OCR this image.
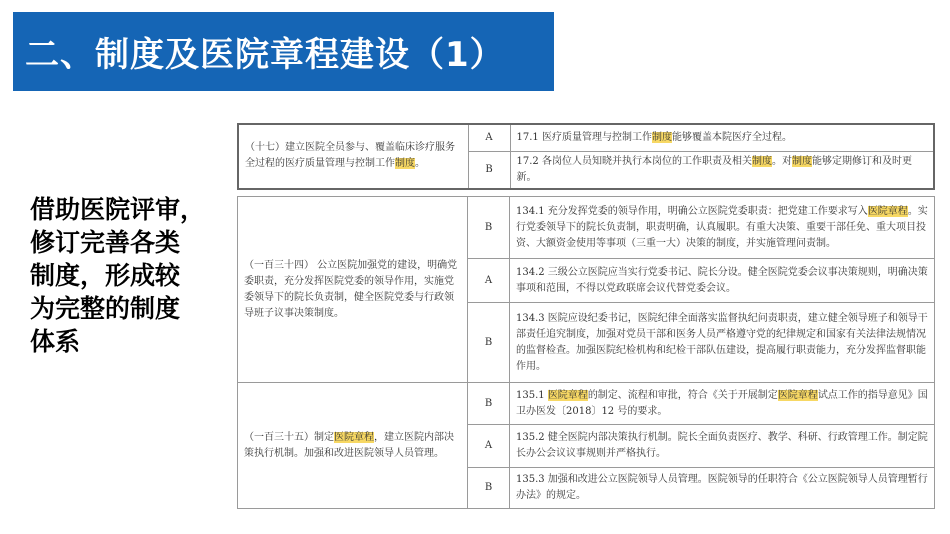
二、制度及医院章程建设（1）
借助医院评审，
修订完善各类
制度，形成较
为完整的制度
体系
（十七）建立医院全员参与、覆盖临床诊疗服务全过程的医疗质量管理与控制工作制度。	A	17.1 医疗质量管理与控制工作制度能够覆盖本院医疗全过程。
	B	17.2 各岗位人员知晓并执行本岗位的工作职责及相关制度。对制度能够定期修订和及时更新。
（一百三十四） 公立医院加强党的建设，明确党委职责，充分发挥医院党委的领导作用，实施党委领导下的院长负责制，健全医院党委与行政领导班子议事决策制度。	B	134.1 充分发挥党委的领导作用，明确公立医院党委职责：把党建工作要求写入医院章程。实行党委领导下的院长负责制，职责明确，认真履职。有重大决策、重要干部任免、重大项目投资、大额资金使用等事项（三重一大）决策的制度，并实施管理问责制。
	A	134.2 三级公立医院应当实行党委书记、院长分设。健全医院党委会议事决策规则，明确决策事项和范围，不得以党政联席会议代替党委会议。
	B	134.3 医院应设纪委书记，医院纪律全面落实监督执纪问责职责，建立健全领导班子和领导干部责任追究制度，加强对党员干部和医务人员严格遵守党的纪律规定和国家有关法律法规情况的监督检查。加强医院纪检机构和纪检干部队伍建设，提高履行职责能力，充分发挥监督职能作用。
（一百三十五）制定医院章程，建立医院内部决策执行机制。加强和改进医院领导人员管理。	B	135.1 医院章程的制定、流程和审批，符合《关于开展制定医院章程试点工作的指导意见》国卫办医发〔2018〕12 号的要求。
	A	135.2 健全医院内部决策执行机制。院长全面负责医疗、教学、科研、行政管理工作。制定院长办公会议议事规则并严格执行。
	B	135.3 加强和改进公立医院领导人员管理。医院领导的任职符合《公立医院领导人员管理暂行办法》的规定。
